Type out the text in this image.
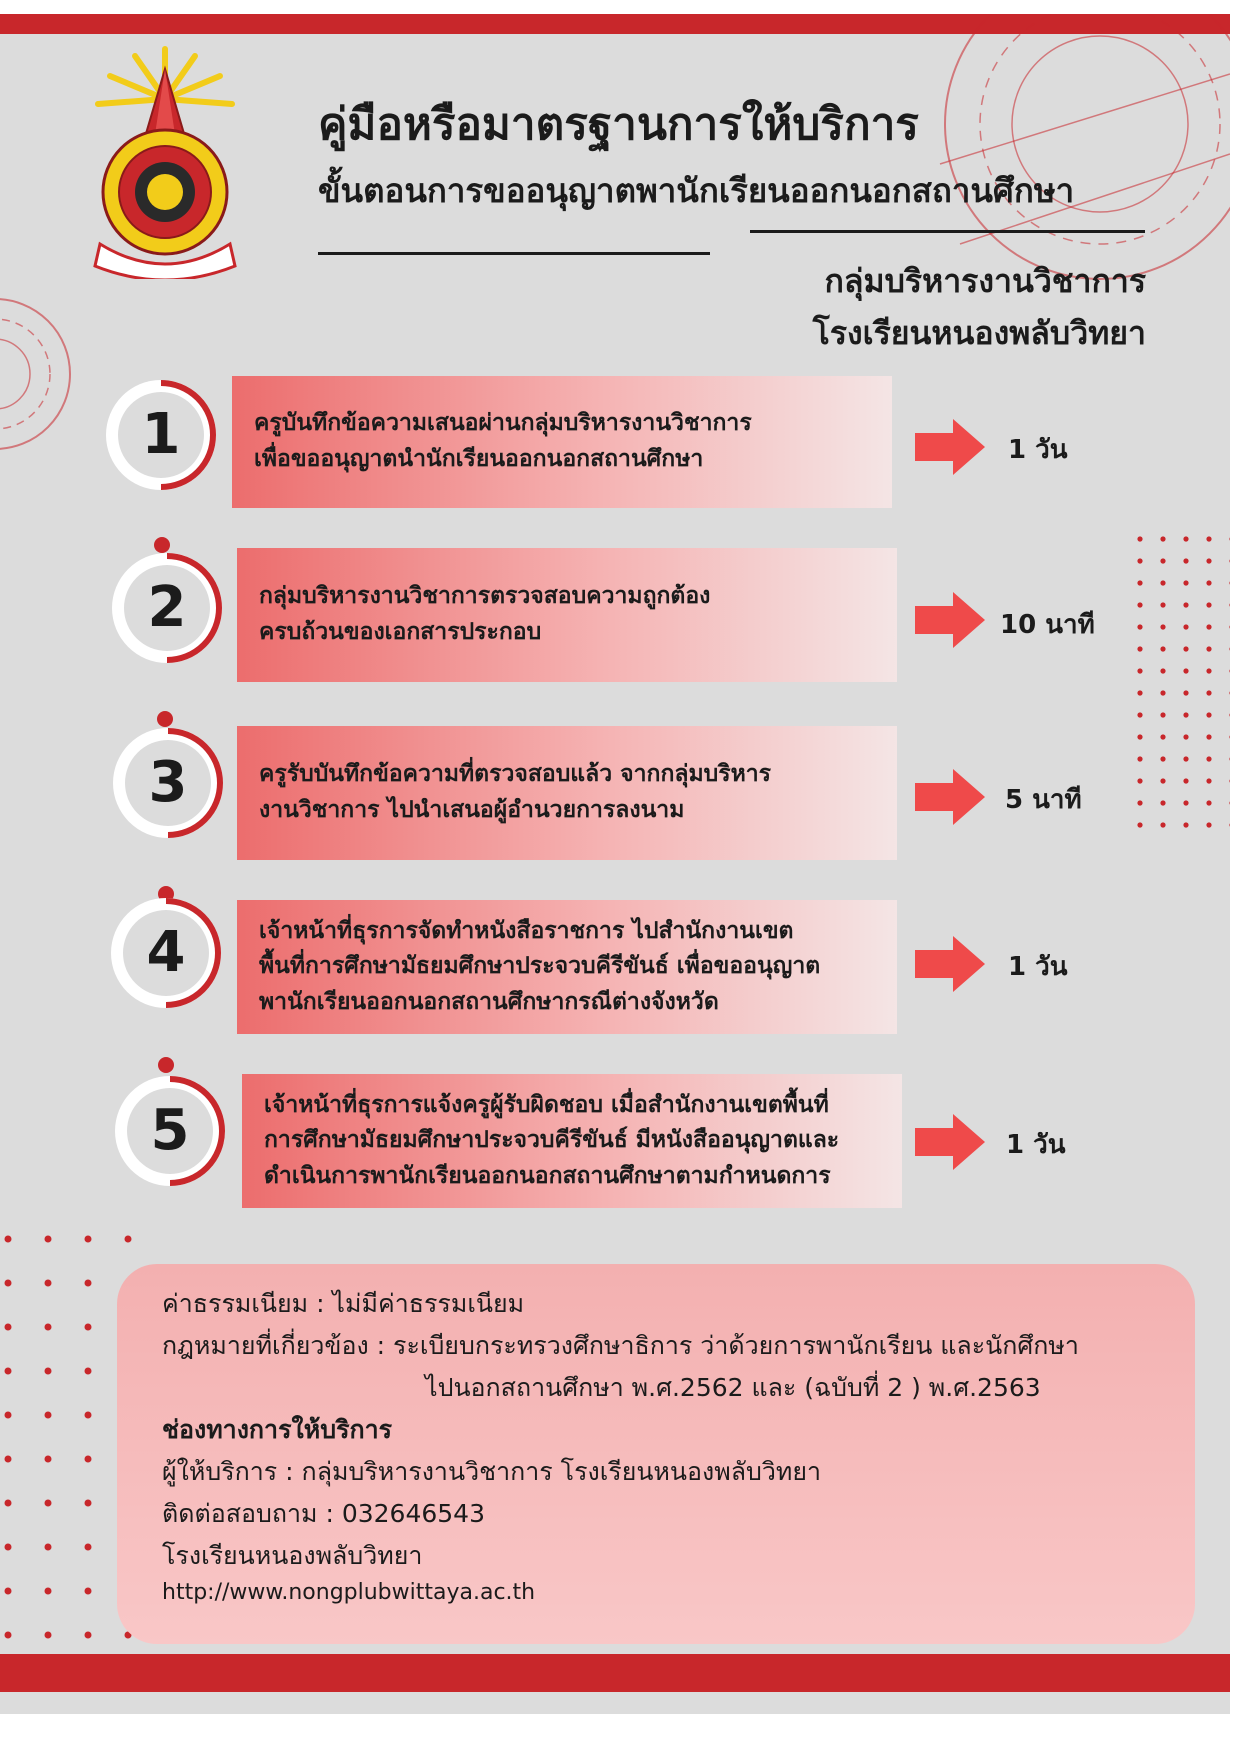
คู่มือหรือมาตรฐานการให้บริการ
ขั้นตอนการขออนุญาตพานักเรียนออกนอกสถานศึกษา
กลุ่มบริหารงานวิชาการ
โรงเรียนหนองพลับวิทยา
1	ครูบันทึกข้อความเสนอผ่านกลุ่มบริหารงานวิชาการ
เพื่อขออนุญาตนำนักเรียนออกนอกสถานศึกษา	1 วัน
2	กลุ่มบริหารงานวิชาการตรวจสอบความถูกต้อง
ครบถ้วนของเอกสารประกอบ	10 นาที
3	ครูรับบันทึกข้อความที่ตรวจสอบแล้ว จากกลุ่มบริหาร
งานวิชาการ ไปนำเสนอผู้อำนวยการลงนาม	5 นาที
4	เจ้าหน้าที่ธุรการจัดทำหนังสือราชการ ไปสำนักงานเขต
พื้นที่การศึกษามัธยมศึกษาประจวบคีรีขันธ์ เพื่อขออนุญาต
พานักเรียนออกนอกสถานศึกษากรณีต่างจังหวัด
1 วัน
5	เจ้าหน้าที่ธุรการแจ้งครูผู้รับผิดชอบ เมื่อสำนักงานเขตพื้นที่
การศึกษามัธยมศึกษาประจวบคีรีขันธ์ มีหนังสืออนุญาตและ
ดำเนินการพานักเรียนออกนอกสถานศึกษาตามกำหนดการ
1 วัน
ค่าธรรมเนียม : ไม่มีค่าธรรมเนียม
กฎหมายที่เกี่ยวข้อง : ระเบียบกระทรวงศึกษาธิการ ว่าด้วยการพานักเรียน และนักศึกษา
ไปนอกสถานศึกษา พ.ศ.2562 และ (ฉบับที่ 2 ) พ.ศ.2563
ช่องทางการให้บริการ
ผู้ให้บริการ : กลุ่มบริหารงานวิชาการ โรงเรียนหนองพลับวิทยา
ติดต่อสอบถาม : 032646543
โรงเรียนหนองพลับวิทยา
http://www.nongplubwittaya.ac.th
